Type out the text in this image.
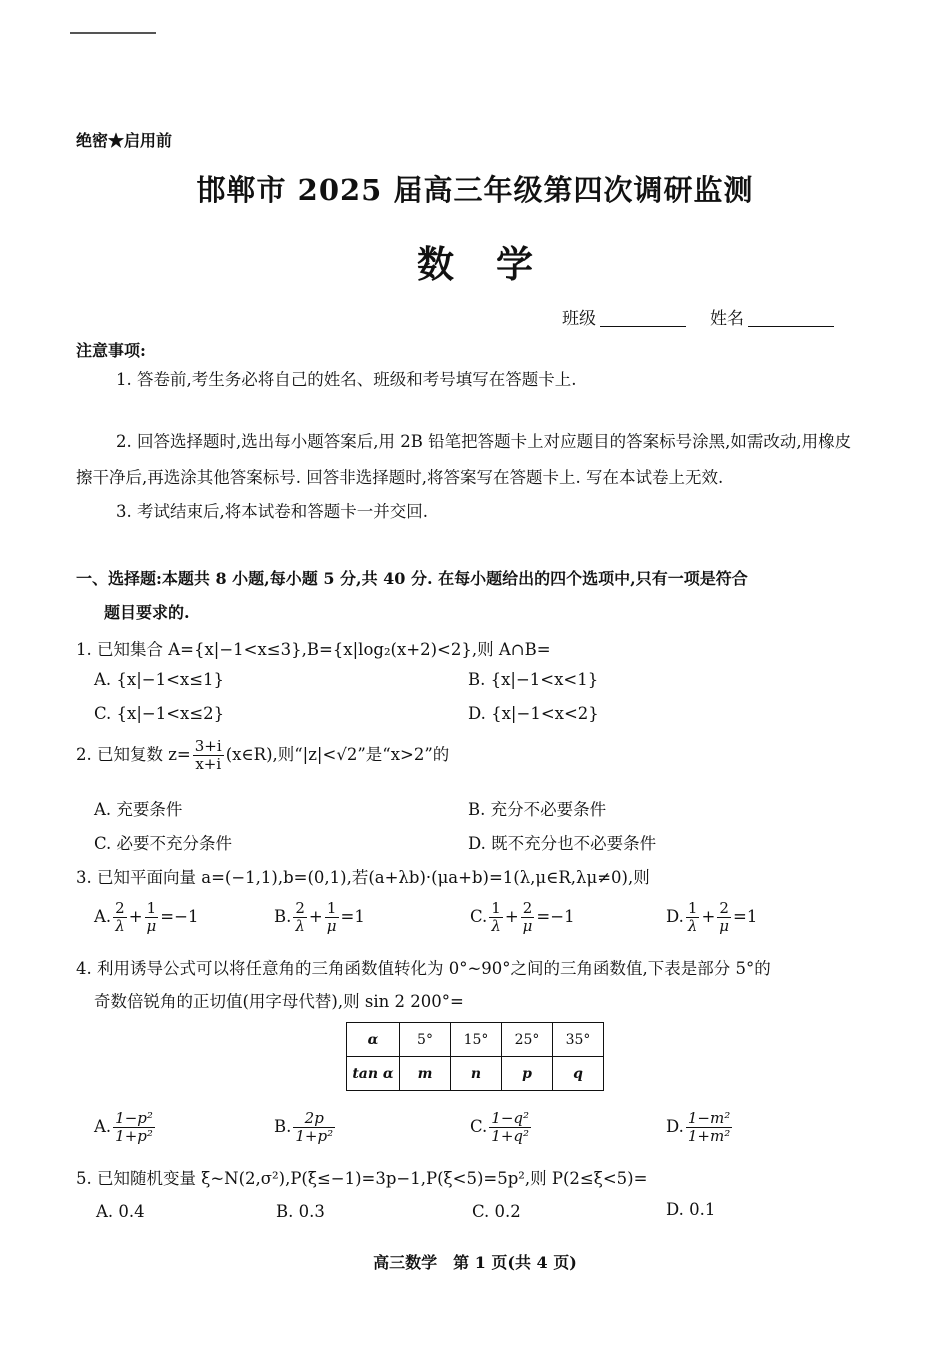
绝密★启用前
邯郸市 2025 届高三年级第四次调研监测
数学
班级	姓名
注意事项:
1. 答卷前,考生务必将自己的姓名、班级和考号填写在答题卡上.
2. 回答选择题时,选出每小题答案后,用 2B 铅笔把答题卡上对应题目的答案标号涂黑,如需改动,用橡皮擦干净后,再选涂其他答案标号. 回答非选择题时,将答案写在答题卡上. 写在本试卷上无效.
3. 考试结束后,将本试卷和答题卡一并交回.
一、选择题:本题共 8 小题,每小题 5 分,共 40 分. 在每小题给出的四个选项中,只有一项是符合
题目要求的.
1. 已知集合 A={x|−1<x≤3},B={x|log₂(x+2)<2},则 A∩B=
A. {x|−1<x≤1}	B. {x|−1<x<1}
C. {x|−1<x≤2}	D. {x|−1<x<2}
2. 已知复数 $z= \frac{3+i}{x+i}$ (x∈R),则“|z|<√2”是“x>2”的
A. 充要条件	B. 充分不必要条件
C. 必要不充分条件	D. 既不充分也不必要条件
3. 已知平面向量 a=(−1,1),b=(0,1),若(a+λb)·(μa+b)=1(λ,μ∈R,λμ≠0),则
A. $\frac{2}{\lambda} + \frac{1}{\mu} =-1$	B. $\frac{2}{\lambda} + \frac{1}{\mu} =1$	C. $\frac{1}{\lambda} + \frac{2}{\mu} =-1$	D. $\frac{1}{\lambda} + \frac{2}{\mu} =1$
4. 利用诱导公式可以将任意角的三角函数值转化为 0°~90°之间的三角函数值,下表是部分 5°的
奇数倍锐角的正切值(用字母代替),则 sin 2 200°=
α	5°	15°	25°	35°
tan α	m	n	p	q
A. $\frac{\text{1−p²}}{\text{1+p²}}$	B. $\frac{2p}{\text{1+p²}}$	C. $\frac{\text{1−q²}}{\text{1+q²}}$	D. $\frac{\text{1−m²}}{\text{1+m²}}$
5. 已知随机变量 ξ~N(2,σ²),P(ξ≤−1)=3p−1,P(ξ<5)=5p²,则 P(2≤ξ<5)=
A. 0.4	B. 0.3	C. 0.2	D. 0.1
高三数学　第 1 页(共 4 页)
